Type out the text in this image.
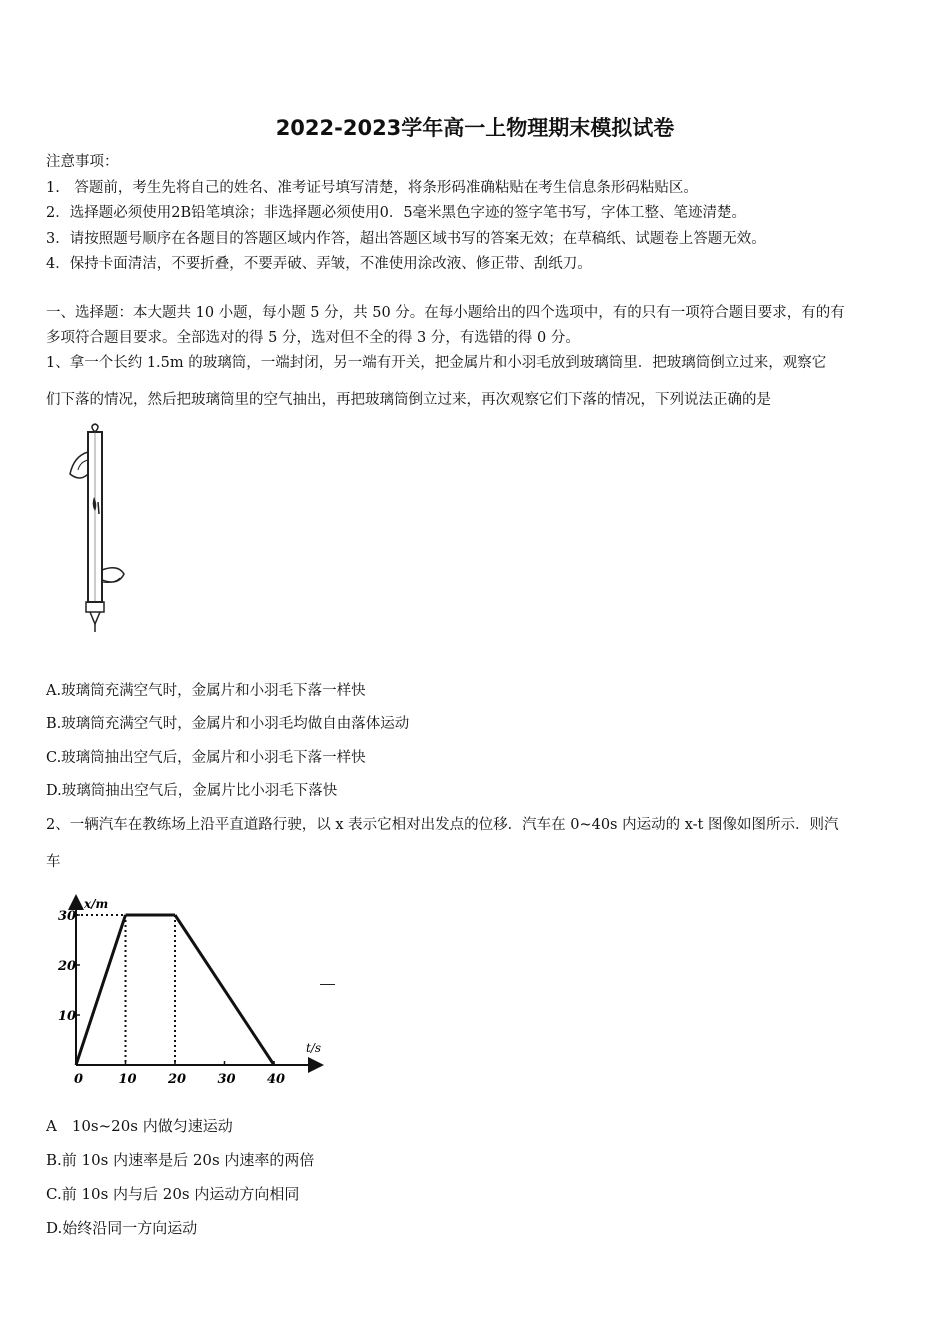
2022-2023学年高一上物理期末模拟试卷
注意事项：
1.　答题前，考生先将自己的姓名、准考证号填写清楚，将条形码准确粘贴在考生信息条形码粘贴区。
2．选择题必须使用2B铅笔填涂；非选择题必须使用0．5毫米黑色字迹的签字笔书写，字体工整、笔迹清楚。
3．请按照题号顺序在各题目的答题区域内作答，超出答题区域书写的答案无效；在草稿纸、试题卷上答题无效。
4．保持卡面清洁，不要折叠，不要弄破、弄皱，不准使用涂改液、修正带、刮纸刀。
一、选择题：本大题共 10 小题，每小题 5 分，共 50 分。在每小题给出的四个选项中，有的只有一项符合题目要求，有的有
多项符合题目要求。全部选对的得 5 分，选对但不全的得 3 分，有选错的得 0 分。
1、拿一个长约 1.5m 的玻璃筒，一端封闭，另一端有开关，把金属片和小羽毛放到玻璃筒里．把玻璃筒倒立过来，观察它
们下落的情况，然后把玻璃筒里的空气抽出，再把玻璃筒倒立过来，再次观察它们下落的情况，下列说法正确的是
A.玻璃筒充满空气时，金属片和小羽毛下落一样快
B.玻璃筒充满空气时，金属片和小羽毛均做自由落体运动
C.玻璃筒抽出空气后，金属片和小羽毛下落一样快
D.玻璃筒抽出空气后，金属片比小羽毛下落快
2、一辆汽车在教练场上沿平直道路行驶，以 x 表示它相对出发点的位移．汽车在 0~40s 内运动的 x-t 图像如图所示．则汽
车
x/m
t/s
0	10 20 30 40
10
20
30
A　10s~20s 内做匀速运动
B.前 10s 内速率是后 20s 内速率的两倍
C.前 10s 内与后 20s 内运动方向相同
D.始终沿同一方向运动
